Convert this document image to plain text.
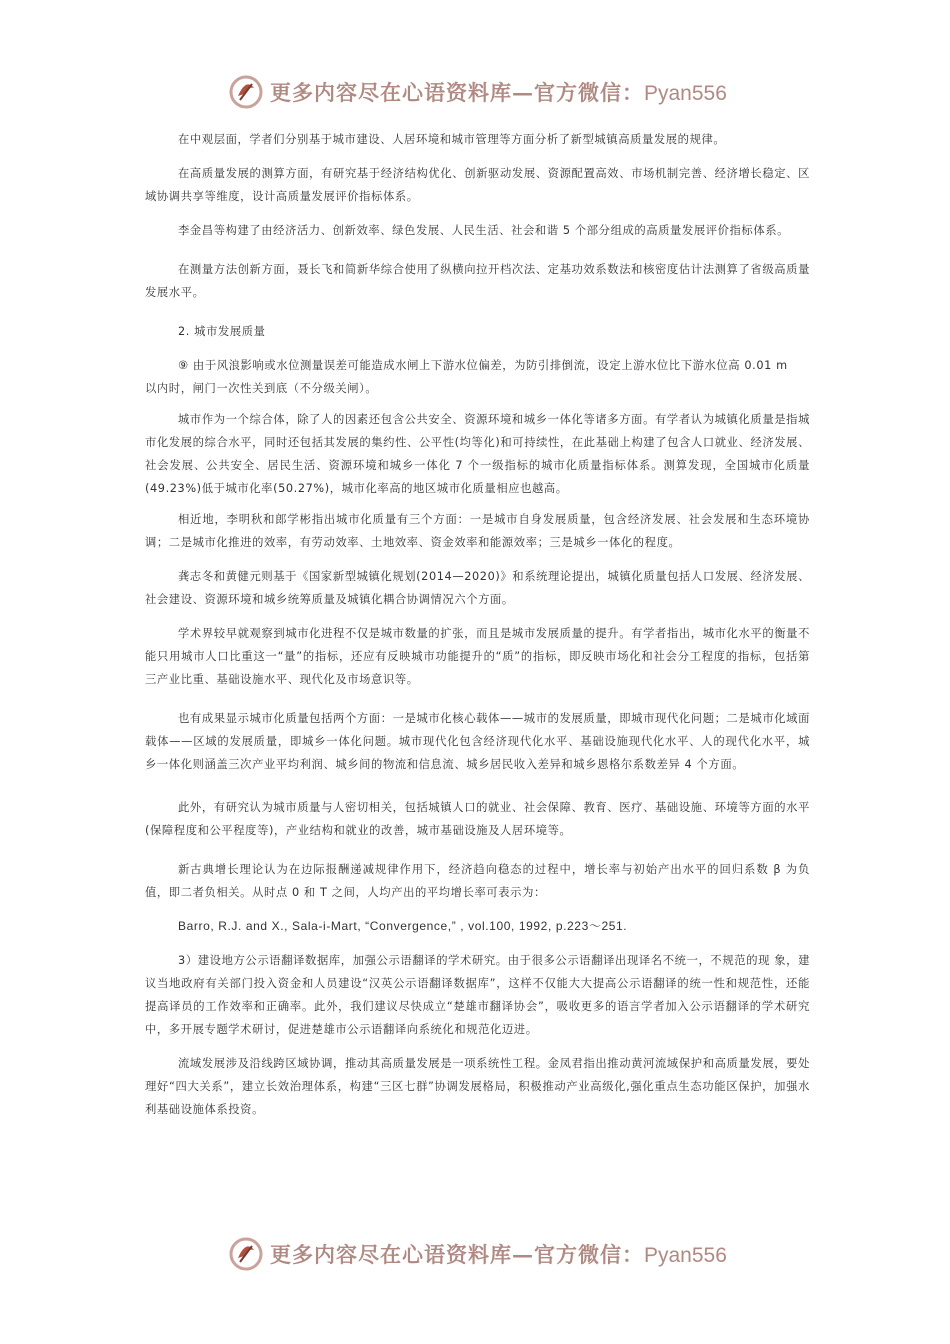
更多内容尽在心语资料库—官方微信：Pyan556

在中观层面，学者们分别基于城市建设、人居环境和城市管理等方面分析了新型城镇高质量发展的规律。

在高质量发展的测算方面，有研究基于经济结构优化、创新驱动发展、资源配置高效、市场机制完善、经济增长稳定、区域协调共享等维度，设计高质量发展评价指标体系。

李金昌等构建了由经济活力、创新效率、绿色发展、人民生活、社会和谐 5 个部分组成的高质量发展评价指标体系。

在测量方法创新方面，聂长飞和简新华综合使用了纵横向拉开档次法、定基功效系数法和核密度估计法测算了省级高质量发展水平。

2. 城市发展质量

⑨ 由于风浪影响或水位测量误差可能造成水闸上下游水位偏差，为防引排倒流，设定上游水位比下游水位高 0.01 m

以内时，闸门一次性关到底（不分级关闸）。

城市作为一个综合体，除了人的因素还包含公共安全、资源环境和城乡一体化等诸多方面。有学者认为城镇化质量是指城市化发展的综合水平，同时还包括其发展的集约性、公平性(均等化)和可持续性，在此基础上构建了包含人口就业、经济发展、社会发展、公共安全、居民生活、资源环境和城乡一体化 7 个一级指标的城市化质量指标体系。测算发现，全国城市化质量(49.23%)低于城市化率(50.27%)，城市化率高的地区城市化质量相应也越高。

相近地，李明秋和郎学彬指出城市化质量有三个方面：一是城市自身发展质量，包含经济发展、社会发展和生态环境协调；二是城市化推进的效率，有劳动效率、土地效率、资金效率和能源效率；三是城乡一体化的程度。

龚志冬和黄健元则基于《国家新型城镇化规划(2014—2020)》和系统理论提出，城镇化质量包括人口发展、经济发展、社会建设、资源环境和城乡统筹质量及城镇化耦合协调情况六个方面。

学术界较早就观察到城市化进程不仅是城市数量的扩张，而且是城市发展质量的提升。有学者指出，城市化水平的衡量不能只用城市人口比重这一“量”的指标，还应有反映城市功能提升的“质”的指标，即反映市场化和社会分工程度的指标，包括第三产业比重、基础设施水平、现代化及市场意识等。

也有成果显示城市化质量包括两个方面：一是城市化核心载体——城市的发展质量，即城市现代化问题；二是城市化域面载体——区域的发展质量，即城乡一体化问题。城市现代化包含经济现代化水平、基础设施现代化水平、人的现代化水平，城乡一体化则涵盖三次产业平均利润、城乡间的物流和信息流、城乡居民收入差异和城乡恩格尔系数差异 4 个方面。

此外，有研究认为城市质量与人密切相关，包括城镇人口的就业、社会保障、教育、医疗、基础设施、环境等方面的水平(保障程度和公平程度等)，产业结构和就业的改善，城市基础设施及人居环境等。

新古典增长理论认为在边际报酬递减规律作用下，经济趋向稳态的过程中，增长率与初始产出水平的回归系数 β 为负值，即二者负相关。从时点 0 和 T 之间，人均产出的平均增长率可表示为：

Barro, R.J. and X., Sala-i-Mart, “Convergence,” , vol.100, 1992, p.223～251.

3）建设地方公示语翻译数据库，加强公示语翻译的学术研究。由于很多公示语翻译出现译名不统一，不规范的现 象，建议当地政府有关部门投入资金和人员建设“汉英公示语翻译数据库”，这样不仅能大大提高公示语翻译的统一性和规范性，还能提高译员的工作效率和正确率。此外，我们建议尽快成立“楚雄市翻译协会”，吸收更多的语言学者加入公示语翻译的学术研究中，多开展专题学术研讨，促进楚雄市公示语翻译向系统化和规范化迈进。

流域发展涉及沿线跨区域协调，推动其高质量发展是一项系统性工程。金凤君指出推动黄河流域保护和高质量发展，要处理好“四大关系”，建立长效治理体系，构建“三区七群”协调发展格局，积极推动产业高级化,强化重点生态功能区保护，加强水利基础设施体系投资。

更多内容尽在心语资料库—官方微信：Pyan556
